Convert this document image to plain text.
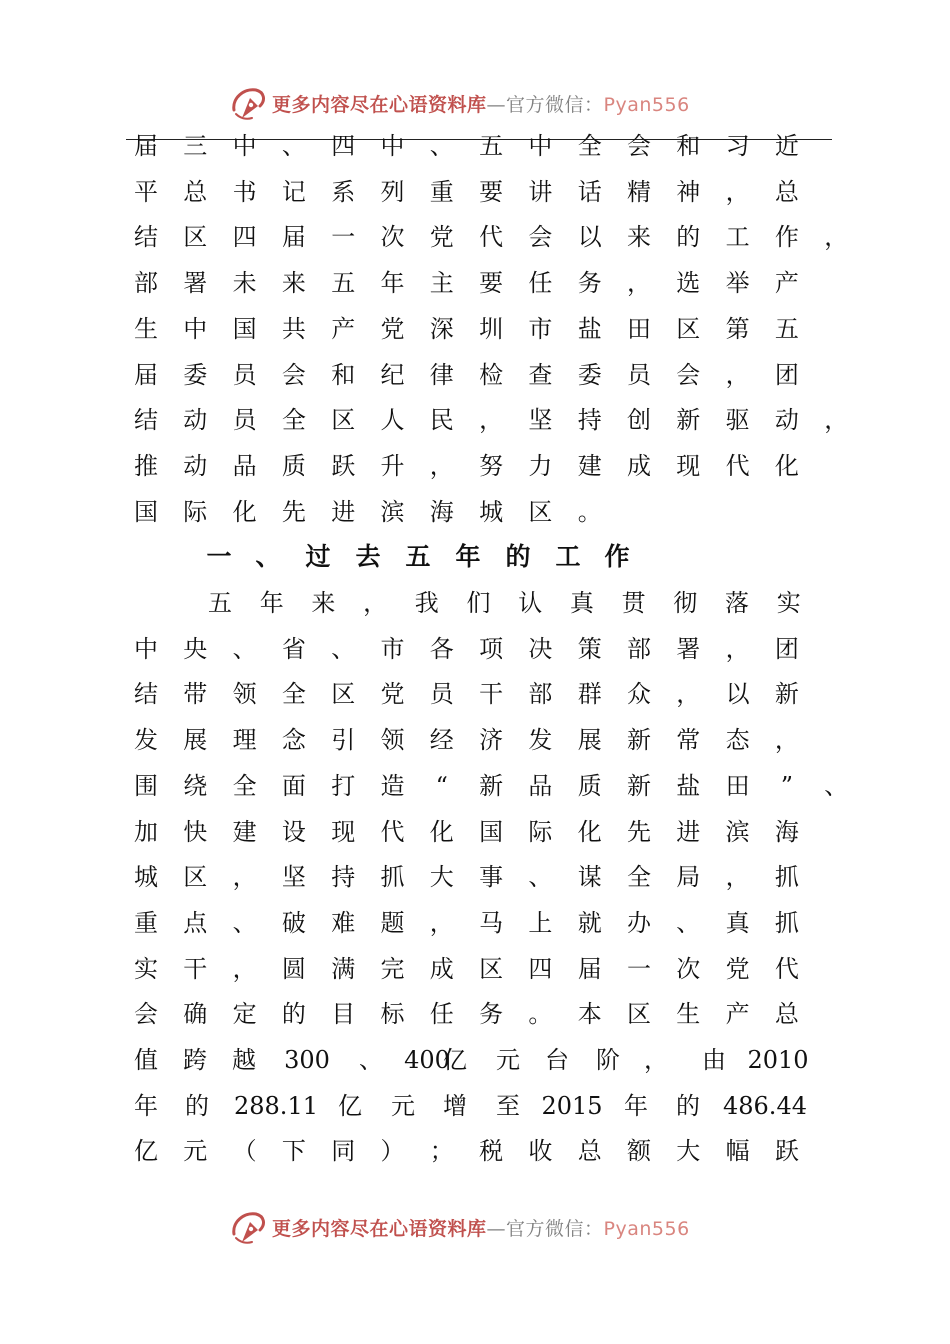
更多内容尽在心语资料库—官方微信：Pyan556
届	三	中	、	四	中	、	五	中	全	会	和	习	近
平	总	书	记	系	列	重	要	讲	话	精	神	，	总
结	区	四	届	一	次	党	代	会	以	来	的	工	作	，
部	署	未	来	五	年	主	要	任	务	，	选	举	产
生	中	国	共	产	党	深	圳	市	盐	田	区	第	五
届	委	员	会	和	纪	律	检	查	委	员	会	，	团
结	动	员	全	区	人	民	，	坚	持	创	新	驱	动	，
推	动	品	质	跃	升	，	努	力	建	成	现	代	化
国	际	化	先	进	滨	海	城	区	。
一 、 过 去 五 年 的 工 作
五	年	来	，	我	们	认	真	贯	彻	落	实
中	央	、	省	、	市	各	项	决	策	部	署	，	团
结	带	领	全	区	党	员	干	部	群	众	，	以	新
发	展	理	念	引	领	经	济	发	展	新	常	态	，
围	绕	全	面	打	造	“	新	品	质	新	盐	田	”	、
加	快	建	设	现	代	化	国	际	化	先	进	滨	海
城	区	，	坚	持	抓	大	事	、	谋	全	局	，	抓
重	点	、	破	难	题	，	马	上	就	办	、	真	抓
实	干	，	圆	满	完	成	区	四	届	一	次	党	代
会	确	定	的	目	标	任	务	。	本	区	生	产	总
值	跨	越	300	、 400
亿	元	台	阶	，	由 2010
年	的	288.11 亿	元	增	至 2015 年	的 486.44
亿	元	（	下	同	）	；	税	收	总	额	大	幅	跃
更多内容尽在心语资料库—官方微信：Pyan556
